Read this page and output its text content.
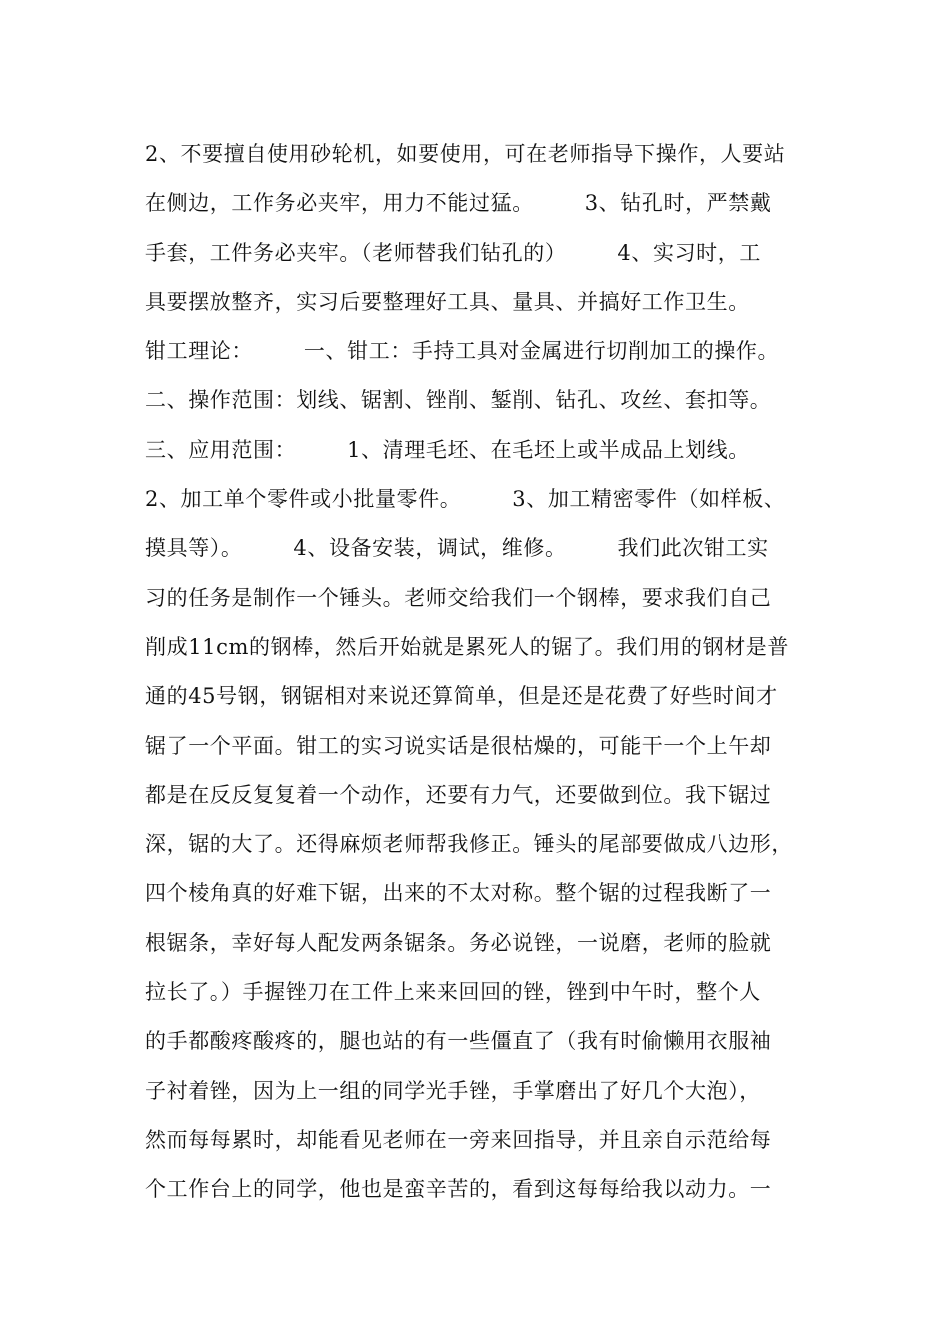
2、不要擅自使用砂轮机，如要使用，可在老师指导下操作，人要站
在侧边，工作务必夹牢，用力不能过猛。       3、钻孔时，严禁戴
手套，工件务必夹牢。（老师替我们钻孔的）       4、实习时，工
具要摆放整齐，实习后要整理好工具、量具、并搞好工作卫生。
钳工理论：       一、钳工：手持工具对金属进行切削加工的操作。
二、操作范围：划线、锯割、锉削、錾削、钻孔、攻丝、套扣等。
三、应用范围：       1、清理毛坯、在毛坯上或半成品上划线。
2、加工单个零件或小批量零件。       3、加工精密零件（如样板、
摸具等）。       4、设备安装，调试，维修。       我们此次钳工实
习的任务是制作一个锤头。老师交给我们一个钢棒，要求我们自己
削成11cm的钢棒，然后开始就是累死人的锯了。我们用的钢材是普
通的45号钢，钢锯相对来说还算简单，但是还是花费了好些时间才
锯了一个平面。钳工的实习说实话是很枯燥的，可能干一个上午却
都是在反反复复着一个动作，还要有力气，还要做到位。我下锯过
深，锯的大了。还得麻烦老师帮我修正。锤头的尾部要做成八边形，
四个棱角真的好难下锯，出来的不太对称。整个锯的过程我断了一
根锯条，幸好每人配发两条锯条。务必说锉，一说磨，老师的脸就
拉长了。）手握锉刀在工件上来来回回的锉，锉到中午时，整个人
的手都酸疼酸疼的，腿也站的有一些僵直了（我有时偷懒用衣服袖
子衬着锉，因为上一组的同学光手锉，手掌磨出了好几个大泡），
然而每每累时，却能看见老师在一旁来回指导，并且亲自示范给每
个工作台上的同学，他也是蛮辛苦的，看到这每每给我以动力。一
